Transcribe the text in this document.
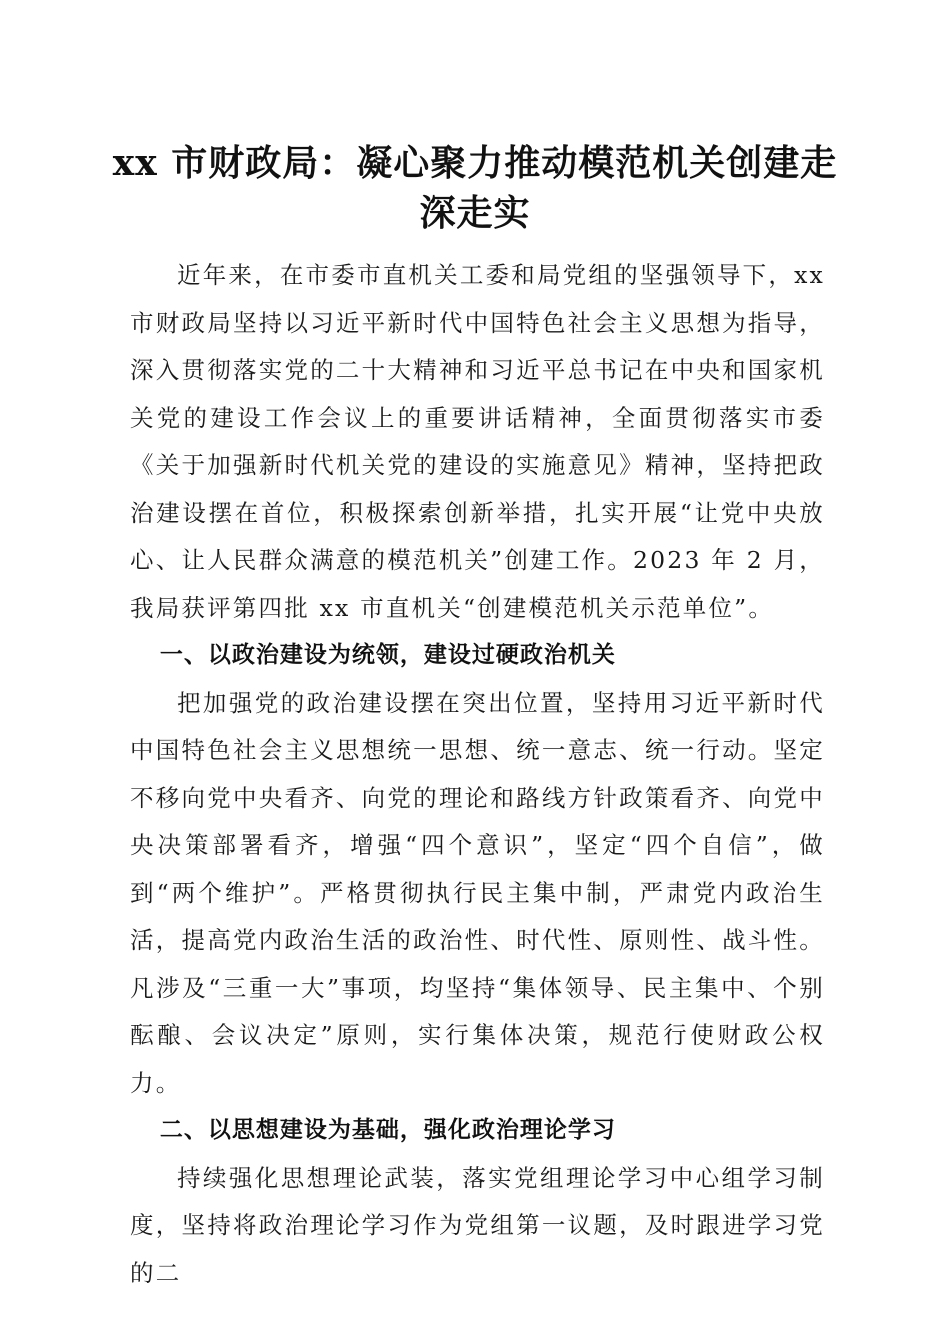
xx 市财政局：凝心聚力推动模范机关创建走深走实

近年来，在市委市直机关工委和局党组的坚强领导下，xx 市财政局坚持以习近平新时代中国特色社会主义思想为指导，深入贯彻落实党的二十大精神和习近平总书记在中央和国家机关党的建设工作会议上的重要讲话精神，全面贯彻落实市委《关于加强新时代机关党的建设的实施意见》精神，坚持把政治建设摆在首位，积极探索创新举措，扎实开展“让党中央放心、让人民群众满意的模范机关”创建工作。2023 年 2 月，我局获评第四批 xx 市直机关“创建模范机关示范单位”。

一、以政治建设为统领，建设过硬政治机关

把加强党的政治建设摆在突出位置，坚持用习近平新时代中国特色社会主义思想统一思想、统一意志、统一行动。坚定不移向党中央看齐、向党的理论和路线方针政策看齐、向党中央决策部署看齐，增强“四个意识”，坚定“四个自信”，做到“两个维护”。严格贯彻执行民主集中制，严肃党内政治生活，提高党内政治生活的政治性、时代性、原则性、战斗性。凡涉及“三重一大”事项，均坚持“集体领导、民主集中、个别酝酿、会议决定”原则，实行集体决策，规范行使财政公权力。

二、以思想建设为基础，强化政治理论学习

持续强化思想理论武装，落实党组理论学习中心组学习制度，坚持将政治理论学习作为党组第一议题，及时跟进学习党的二
